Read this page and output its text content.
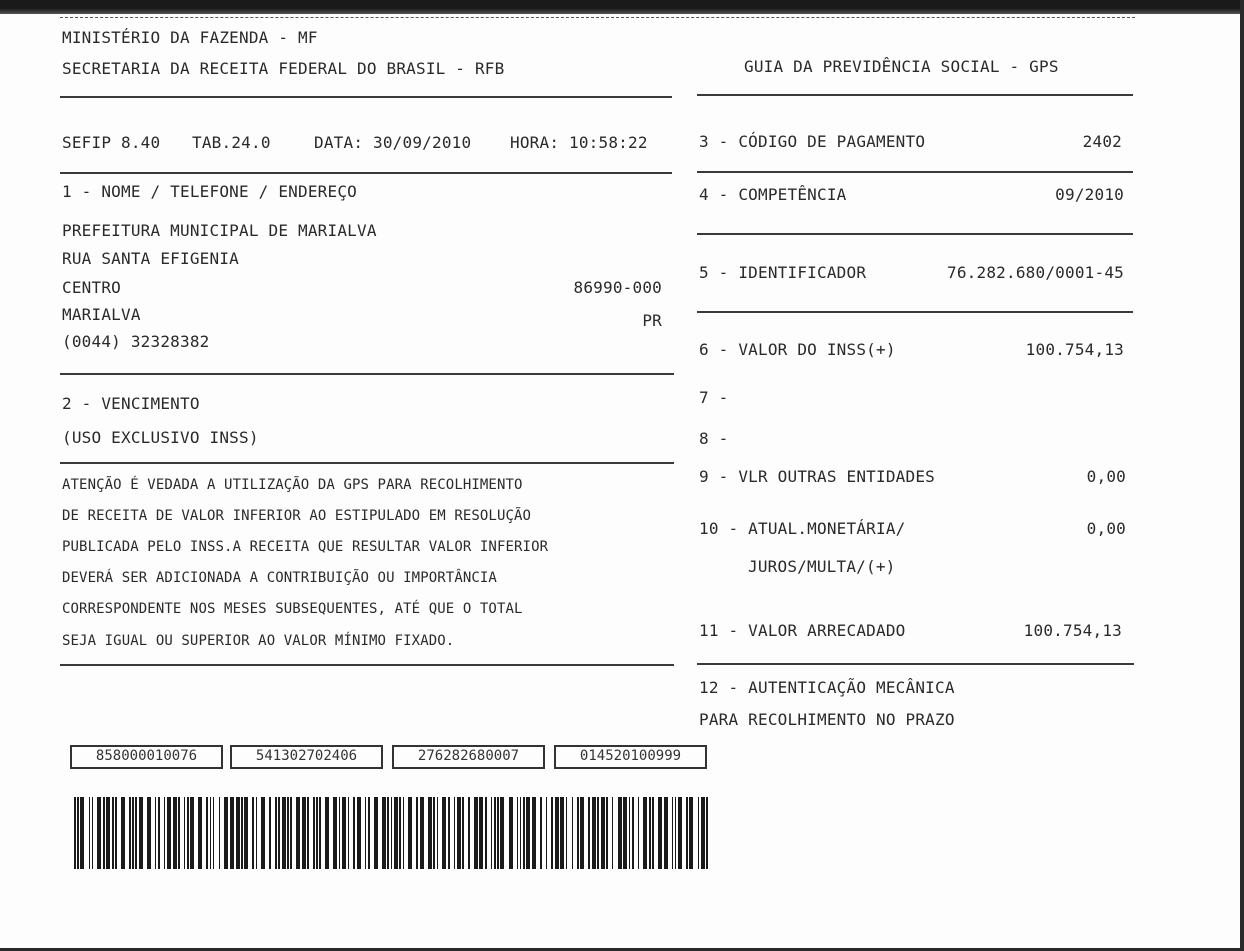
MINISTÉRIO DA FAZENDA - MF
SECRETARIA DA RECEITA FEDERAL DO BRASIL - RFB	GUIA DA PREVIDÊNCIA SOCIAL - GPS
SEFIP 8.40 TAB.24.0	DATA: 30/09/2010 HORA: 10:58:22
1 - NOME / TELEFONE / ENDEREÇO
PREFEITURA MUNICIPAL DE MARIALVA
RUA SANTA EFIGENIA
CENTRO	86990-000
MARIALVA	PR
(0044) 32328382
2 - VENCIMENTO
(USO EXCLUSIVO INSS)
ATENÇÃO É VEDADA A UTILIZAÇÃO DA GPS PARA RECOLHIMENTO
DE RECEITA DE VALOR INFERIOR AO ESTIPULADO EM RESOLUÇÃO
PUBLICADA PELO INSS.A RECEITA QUE RESULTAR VALOR INFERIOR
DEVERÁ SER ADICIONADA A CONTRIBUIÇÃO OU IMPORTÂNCIA
CORRESPONDENTE NOS MESES SUBSEQUENTES, ATÉ QUE O TOTAL
SEJA IGUAL OU SUPERIOR AO VALOR MÍNIMO FIXADO.
3 - CÓDIGO DE PAGAMENTO	2402
4 - COMPETÊNCIA	09/2010
5 - IDENTIFICADOR	76.282.680/0001-45
6 - VALOR DO INSS(+)	100.754,13
7 -
8 -
9 - VLR OUTRAS ENTIDADES	0,00
10 - ATUAL.MONETÁRIA/	0,00
JUROS/MULTA/(+)
11 - VALOR ARRECADADO	100.754,13
12 - AUTENTICAÇÃO MECÂNICA
PARA RECOLHIMENTO NO PRAZO
858000010076	541302702406	276282680007	014520100999
